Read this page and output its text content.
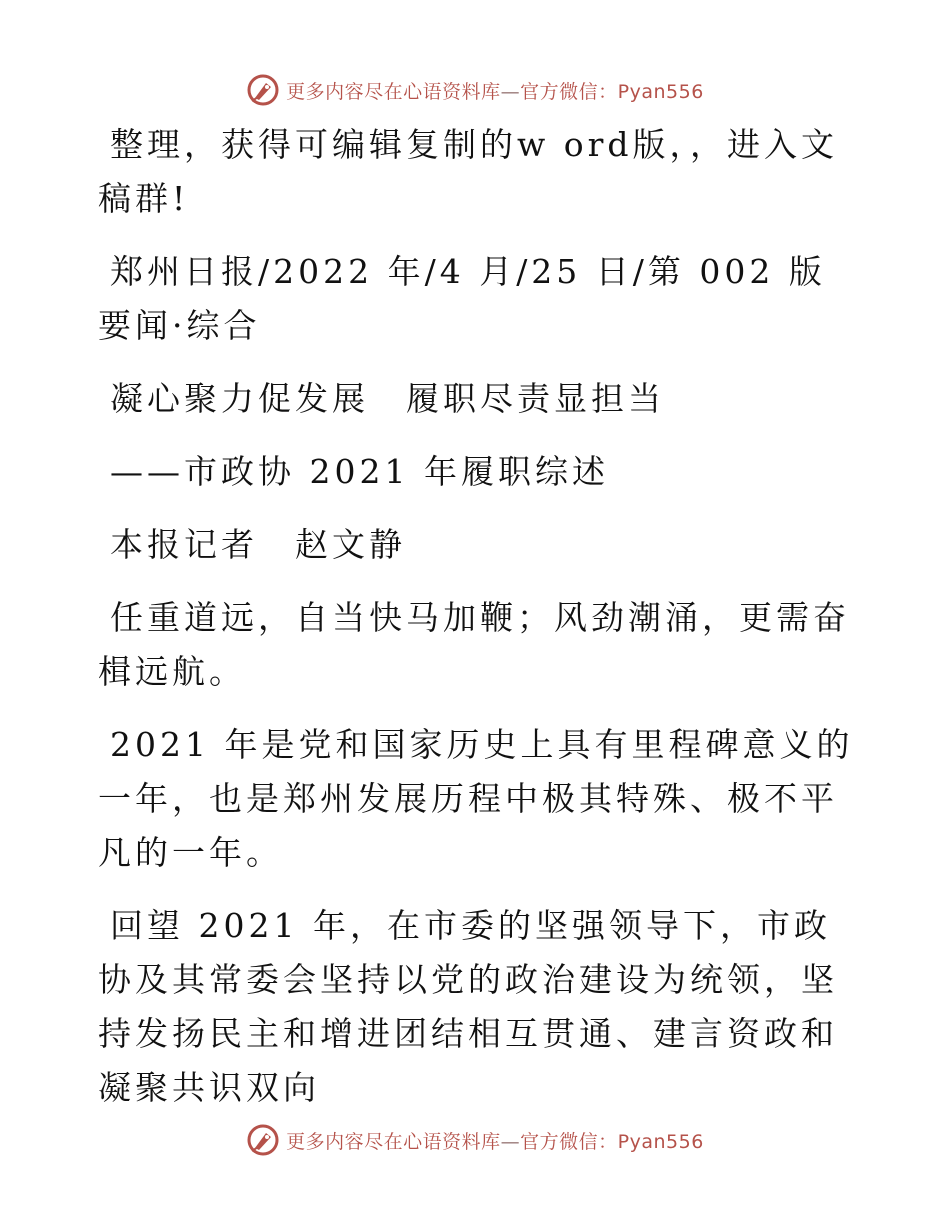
更多内容尽在心语资料库—官方微信：Pyan556

整理，获得可编辑复制的w ord版，，进入文稿群!

郑州日报/2022 年/4 月/25 日/第 002 版要闻·综合

凝心聚力促发展　履职尽责显担当

——市政协 2021 年履职综述

本报记者　赵文静

任重道远，自当快马加鞭；风劲潮涌，更需奋楫远航。

2021 年是党和国家历史上具有里程碑意义的一年，也是郑州发展历程中极其特殊、极不平凡的一年。

回望 2021 年，在市委的坚强领导下，市政协及其常委会坚持以党的政治建设为统领，坚持发扬民主和增进团结相互贯通、建言资政和凝聚共识双向

更多内容尽在心语资料库—官方微信：Pyan556
